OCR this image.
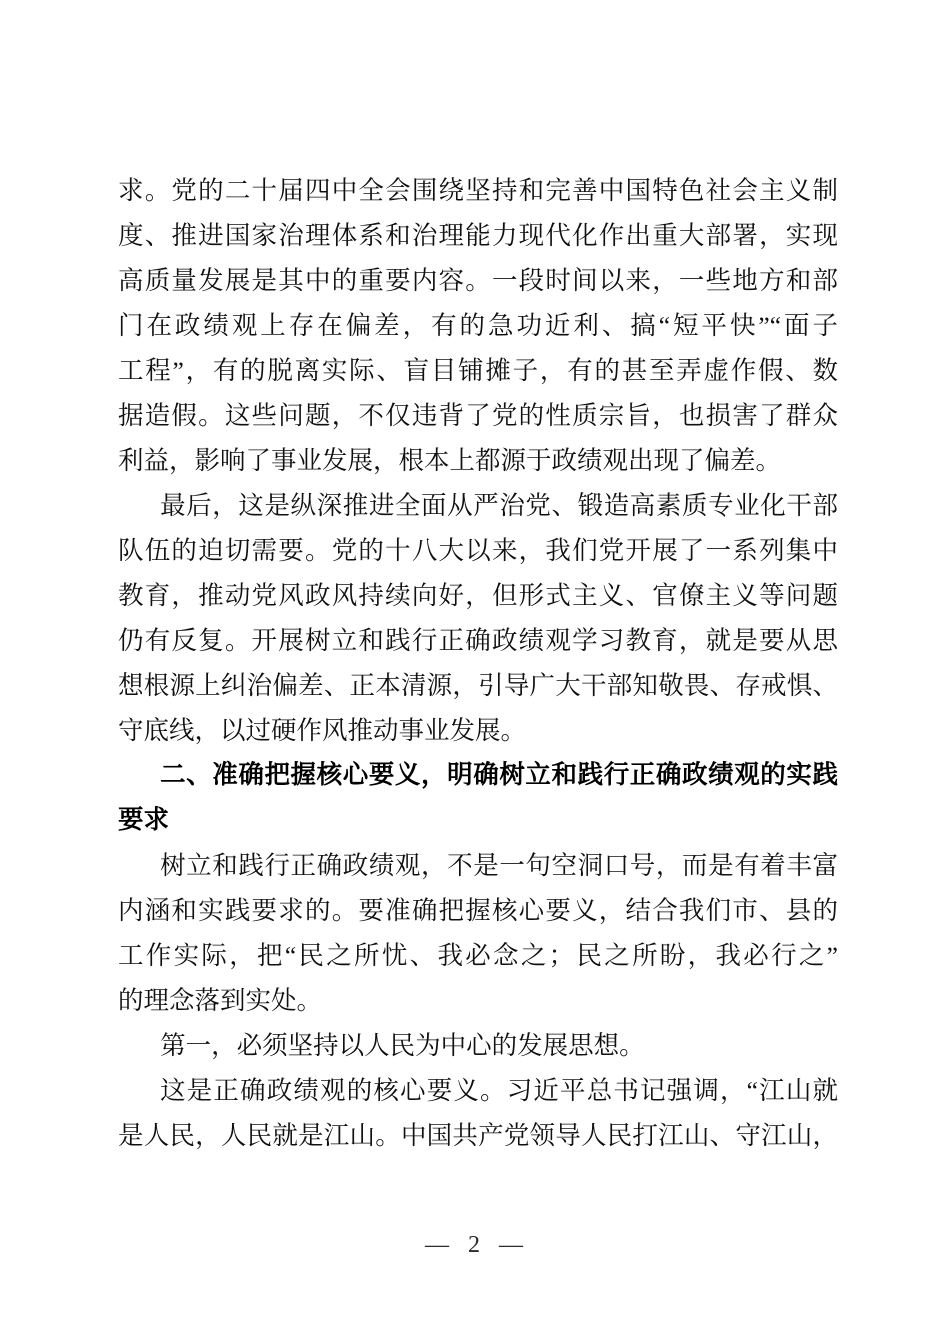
求。党的二十届四中全会围绕坚持和完善中国特色社会主义制
度、推进国家治理体系和治理能力现代化作出重大部署，实现
高质量发展是其中的重要内容。一段时间以来，一些地方和部
门在政绩观上存在偏差，有的急功近利、搞“短平快”“面子
工程”，有的脱离实际、盲目铺摊子，有的甚至弄虚作假、数
据造假。这些问题，不仅违背了党的性质宗旨，也损害了群众
利益，影响了事业发展，根本上都源于政绩观出现了偏差。
最后，这是纵深推进全面从严治党、锻造高素质专业化干部
队伍的迫切需要。党的十八大以来，我们党开展了一系列集中
教育，推动党风政风持续向好，但形式主义、官僚主义等问题
仍有反复。开展树立和践行正确政绩观学习教育，就是要从思
想根源上纠治偏差、正本清源，引导广大干部知敬畏、存戒惧、
守底线，以过硬作风推动事业发展。
二、准确把握核心要义，明确树立和践行正确政绩观的实践
要求
树立和践行正确政绩观，不是一句空洞口号，而是有着丰富
内涵和实践要求的。要准确把握核心要义，结合我们市、县的
工作实际，把“民之所忧、我必念之；民之所盼，我必行之”
的理念落到实处。
第一，必须坚持以人民为中心的发展思想。
这是正确政绩观的核心要义。习近平总书记强调，“江山就
是人民，人民就是江山。中国共产党领导人民打江山、守江山，
— 2 —
